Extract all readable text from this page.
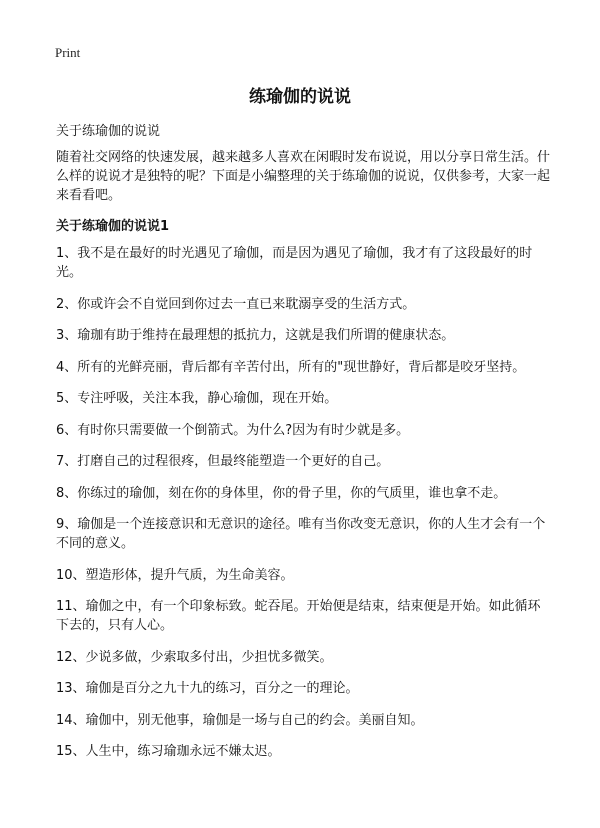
Print
练瑜伽的说说
关于练瑜伽的说说
随着社交网络的快速发展，越来越多人喜欢在闲暇时发布说说，用以分享日常生活。什么样的说说才是独特的呢？下面是小编整理的关于练瑜伽的说说，仅供参考，大家一起来看看吧。
关于练瑜伽的说说1
1、我不是在最好的时光遇见了瑜伽，而是因为遇见了瑜伽，我才有了这段最好的时光。
2、你或许会不自觉回到你过去一直已来耽溺享受的生活方式。
3、瑜珈有助于维持在最理想的抵抗力，这就是我们所谓的健康状态。
4、所有的光鲜亮丽，背后都有辛苦付出，所有的"现世静好，背后都是咬牙坚持。
5、专注呼吸，关注本我，静心瑜伽，现在开始。
6、有时你只需要做一个倒箭式。为什么?因为有时少就是多。
7、打磨自己的过程很疼，但最终能塑造一个更好的自己。
8、你练过的瑜伽，刻在你的身体里，你的骨子里，你的气质里，谁也拿不走。
9、瑜伽是一个连接意识和无意识的途径。唯有当你改变无意识，你的人生才会有一个不同的意义。
10、塑造形体，提升气质，为生命美容。
11、瑜伽之中，有一个印象标致。蛇吞尾。开始便是结束，结束便是开始。如此循环下去的，只有人心。
12、少说多做，少索取多付出，少担忧多微笑。
13、瑜伽是百分之九十九的练习，百分之一的理论。
14、瑜伽中，别无他事，瑜伽是一场与自己的约会。美丽自知。
15、人生中，练习瑜珈永远不嫌太迟。
